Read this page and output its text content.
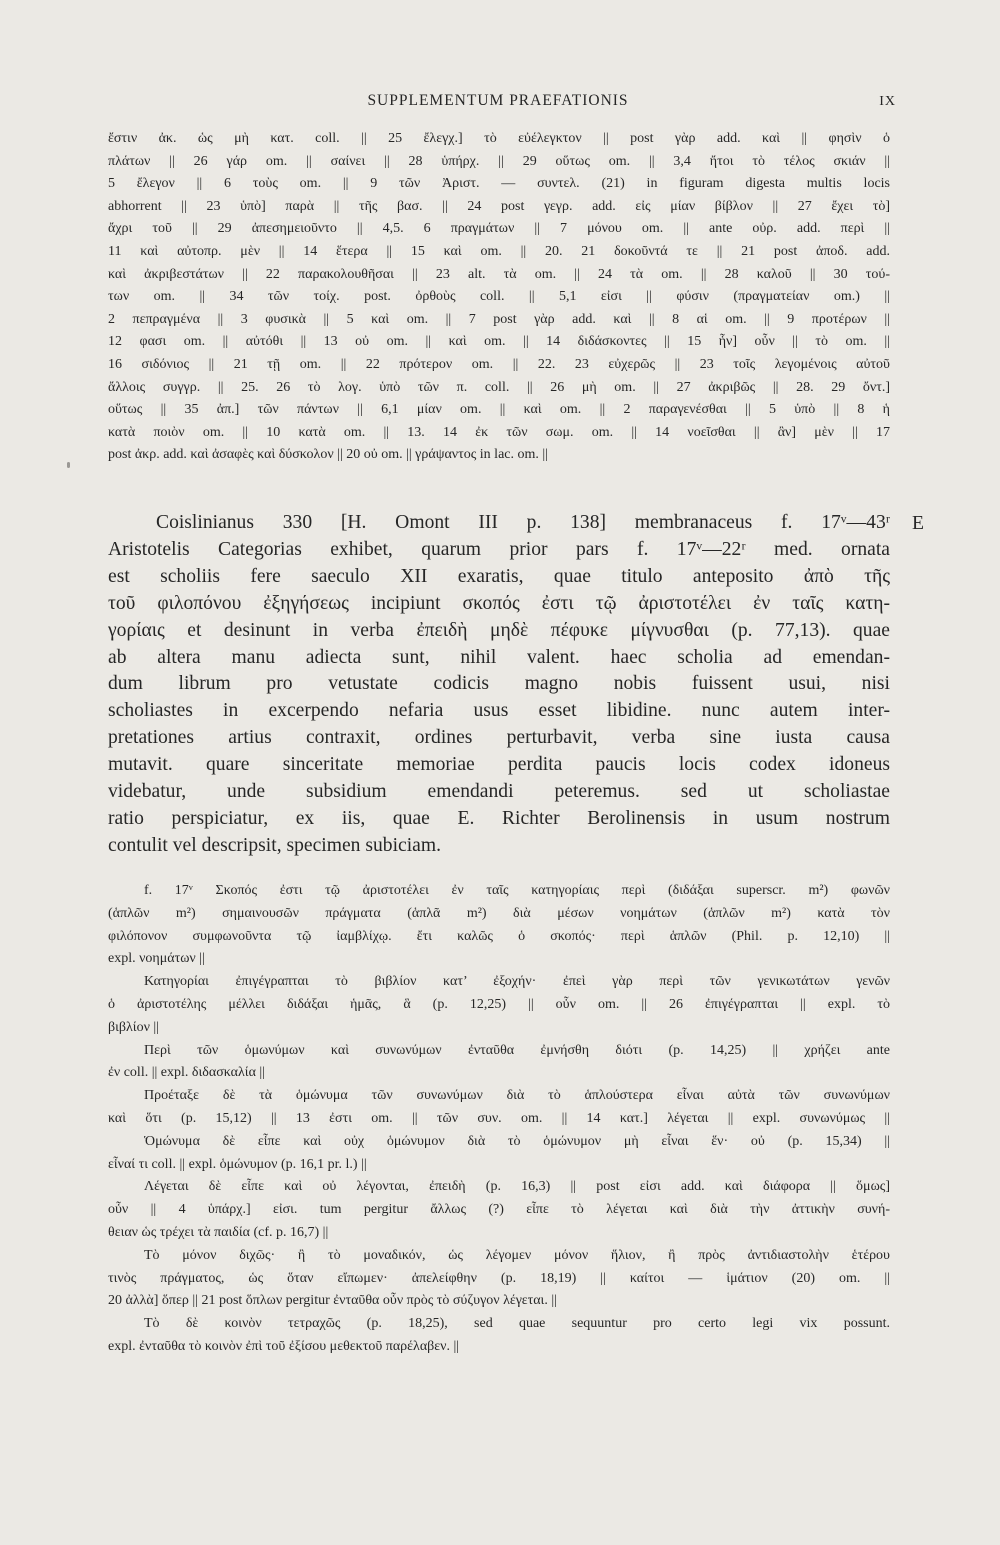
SUPPLEMENTUM PRAEFATIONIS	IX

ἔστιν ἀκ. ὡς μὴ κατ. coll. || 25 ἔλεγχ.] τὸ εὐέλεγκτον || post γὰρ add. καὶ || φησὶν ὁ

πλάτων || 26 γάρ om. || σαίνει || 28 ὑπήρχ. || 29 οὕτως om. || 3,4 ἤτοι τὸ τέλος σκιάν ||

5 ἔλεγον || 6 τοὺς om. || 9 τῶν Ἀριστ. — συντελ. (21) in figuram digesta multis locis

abhorrent || 23 ὑπὸ] παρὰ || τῆς βασ. || 24 post γεγρ. add. εἰς μίαν βίβλον || 27 ἔχει τὸ]

ἄχρι τοῦ || 29 ἀπεσημειοῦντο || 4,5. 6 πραγμάτων || 7 μόνου om. || ante οὐρ. add. περὶ ||

11 καὶ αὐτοπρ. μὲν || 14 ἕτερα || 15 καὶ om. || 20. 21 δοκοῦντά τε || 21 post ἀποδ. add.

καὶ ἀκριβεστάτων || 22 παρακολουθῆσαι || 23 alt. τὰ om. || 24 τὰ om. || 28 καλοῦ || 30 τού-

των om. || 34 τῶν τοίχ. post. ὀρθοὺς coll. || 5,1 εἰσι || φύσιν (πραγματείαν om.) ||

2 πεπραγμένα || 3 φυσικὰ || 5 καὶ om. || 7 post γὰρ add. καὶ || 8 αἱ om. || 9 προτέρων ||

12 φασι om. || αὐτόθι || 13 οὐ om. || καὶ om. || 14 διδάσκοντες || 15 ἦν] οὖν || τὸ om. ||

16 σιδόνιος || 21 τῇ om. || 22 πρότερον om. || 22. 23 εὐχερῶς || 23 τοῖς λεγομένοις αὐτοῦ

ἄλλοις συγγρ. || 25. 26 τὸ λογ. ὑπὸ τῶν π. coll. || 26 μὴ om. || 27 ἀκριβῶς || 28. 29 ὄντ.]

οὕτως || 35 ἀπ.] τῶν πάντων || 6,1 μίαν om. || καὶ om. || 2 παραγενέσθαι || 5 ὑπὸ || 8 ἡ

κατὰ ποιὸν om. || 10 κατὰ om. || 13. 14 ἐκ τῶν σωμ. om. || 14 νοεῖσθαι || ἂν] μὲν || 17

post ἀκρ. add. καὶ ἀσαφὲς καὶ δύσκολον || 20 οὐ om. || γράψαντος in lac. om. ||

E

Coislinianus 330 [H. Omont III p. 138] membranaceus f. 17ᵛ—43ʳ

Aristotelis Categorias exhibet, quarum prior pars f. 17ᵛ—22ʳ med. ornata

est scholiis fere saeculo XII exaratis, quae titulo anteposito ἀπὸ τῆς

τοῦ φιλοπόνου ἐξηγήσεως incipiunt σκοπός ἐστι τῷ ἀριστοτέλει ἐν ταῖς κατη-

γορίαις et desinunt in verba ἐπειδὴ μηδὲ πέφυκε μίγνυσθαι (p. 77,13). quae

ab altera manu adiecta sunt, nihil valent. haec scholia ad emendan-

dum librum pro vetustate codicis magno nobis fuissent usui, nisi

scholiastes in excerpendo nefaria usus esset libidine. nunc autem inter-

pretationes artius contraxit, ordines perturbavit, verba sine iusta causa

mutavit. quare sinceritate memoriae perdita paucis locis codex idoneus

videbatur, unde subsidium emendandi peteremus. sed ut scholiastae

ratio perspiciatur, ex iis, quae E. Richter Berolinensis in usum nostrum

contulit vel descripsit, specimen subiciam.

f. 17ᵛ Σκοπός ἐστι τῷ ἀριστοτέλει ἐν ταῖς κατηγορίαις περὶ (διδάξαι superscr. m²) φωνῶν

(ἁπλῶν m²) σημαινουσῶν πράγματα (ἁπλᾶ m²) διὰ μέσων νοημάτων (ἁπλῶν m²) κατὰ τὸν

φιλόπονον συμφωνοῦντα τῷ ἰαμβλίχῳ. ἔτι καλῶς ὁ σκοπός· περὶ ἁπλῶν (Phil. p. 12,10) ||

expl. νοημάτων ||

Κατηγορίαι ἐπιγέγραπται τὸ βιβλίον κατ’ ἐξοχήν· ἐπεὶ γὰρ περὶ τῶν γενικωτάτων γενῶν

ὁ ἀριστοτέλης μέλλει διδάξαι ἡμᾶς, ἃ (p. 12,25) || οὖν om. || 26 ἐπιγέγραπται || expl. τὸ

βιβλίον ||

Περὶ τῶν ὁμωνύμων καὶ συνωνύμων ἐνταῦθα ἐμνήσθη διότι (p. 14,25) || χρήζει ante

ἐν coll. || expl. διδασκαλία ||

Προέταξε δὲ τὰ ὁμώνυμα τῶν συνωνύμων διὰ τὸ ἁπλούστερα εἶναι αὐτὰ τῶν συνωνύμων

καὶ ὅτι (p. 15,12) || 13 ἐστι om. || τῶν συν. om. || 14 κατ.] λέγεται || expl. συνωνύμως ||

Ὁμώνυμα δὲ εἶπε καὶ οὐχ ὁμώνυμον διὰ τὸ ὁμώνυμον μὴ εἶναι ἕν· οὐ (p. 15,34) ||

εἶναί τι coll. || expl. ὁμώνυμον (p. 16,1 pr. l.) ||

Λέγεται δὲ εἶπε καὶ οὐ λέγονται, ἐπειδὴ (p. 16,3) || post εἰσι add. καὶ διάφορα || ὅμως]

οὖν || 4 ὑπάρχ.] εἰσι. tum pergitur ἄλλως (?) εἶπε τὸ λέγεται καὶ διὰ τὴν ἀττικὴν συνή-

θειαν ὡς τρέχει τὰ παιδία (cf. p. 16,7) ||

Τὸ μόνον διχῶς· ἢ τὸ μοναδικόν, ὡς λέγομεν μόνον ἥλιον, ἢ πρὸς ἀντιδιαστολὴν ἑτέρου

τινὸς πράγματος, ὡς ὅταν εἴπωμεν· ἀπελείφθην (p. 18,19) || καίτοι — ἱμάτιον (20) om. ||

20 ἀλλὰ] ὅπερ || 21 post ὅπλων pergitur ἐνταῦθα οὖν πρὸς τὸ σύζυγον λέγεται. ||

Τὸ δὲ κοινὸν τετραχῶς (p. 18,25), sed quae sequuntur pro certo legi vix possunt.

expl. ἐνταῦθα τὸ κοινὸν ἐπὶ τοῦ ἐξίσου μεθεκτοῦ παρέλαβεν. ||
